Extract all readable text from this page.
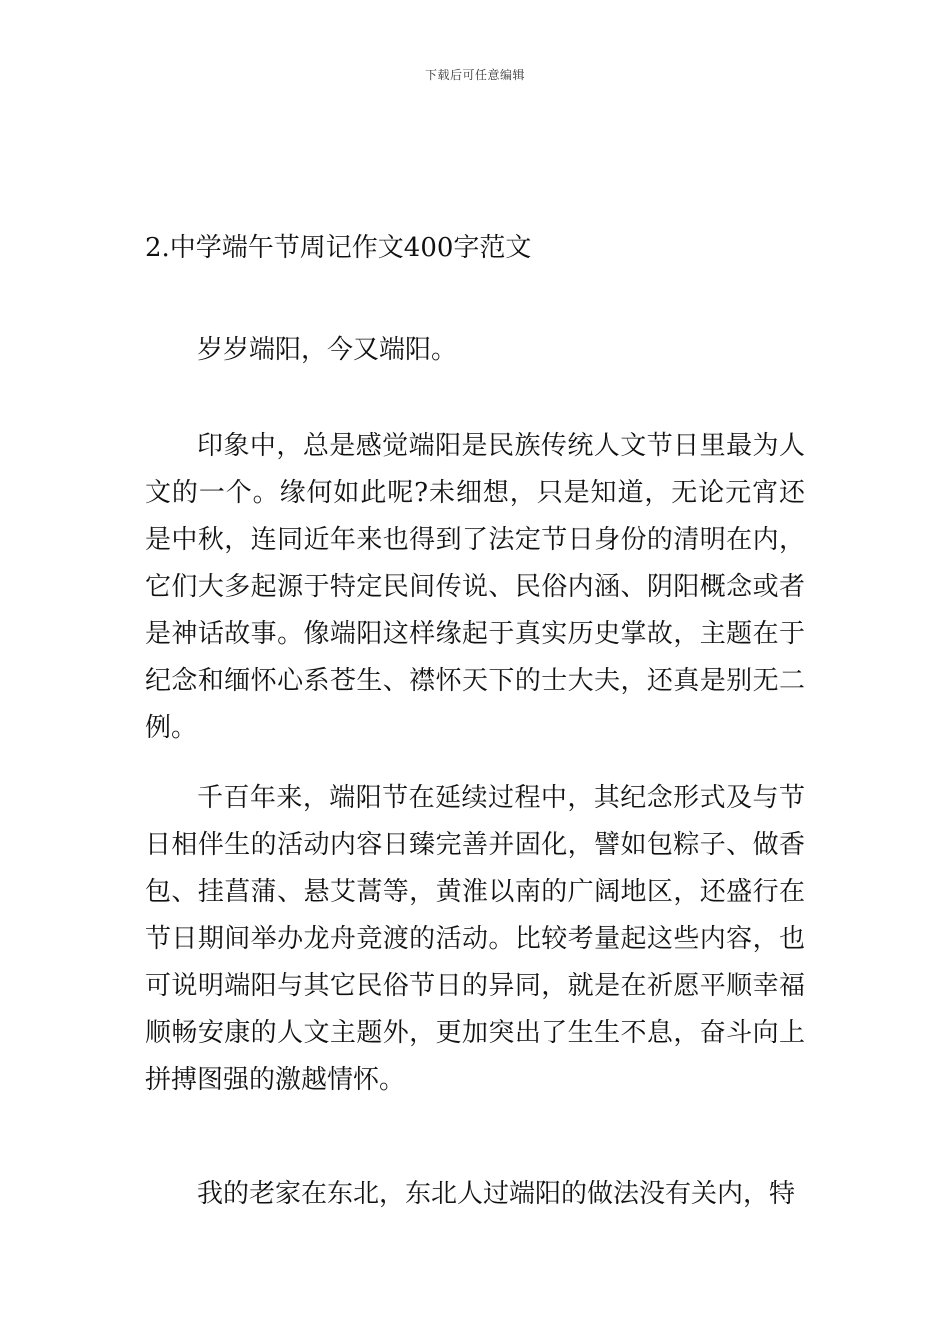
下载后可任意编辑
2.中学端午节周记作文400字范文

岁岁端阳，今又端阳。

印象中，总是感觉端阳是民族传统人文节日里最为人文的一个。缘何如此呢?未细想，只是知道，无论元宵还是中秋，连同近年来也得到了法定节日身份的清明在内，它们大多起源于特定民间传说、民俗内涵、阴阳概念或者是神话故事。像端阳这样缘起于真实历史掌故，主题在于纪念和缅怀心系苍生、襟怀天下的士大夫，还真是别无二例。

千百年来，端阳节在延续过程中，其纪念形式及与节日相伴生的活动内容日臻完善并固化，譬如包粽子、做香包、挂菖蒲、悬艾蒿等，黄淮以南的广阔地区，还盛行在节日期间举办龙舟竞渡的活动。比较考量起这些内容，也可说明端阳与其它民俗节日的异同，就是在祈愿平顺幸福顺畅安康的人文主题外，更加突出了生生不息，奋斗向上拼搏图强的激越情怀。

我的老家在东北，东北人过端阳的做法没有关内，特
